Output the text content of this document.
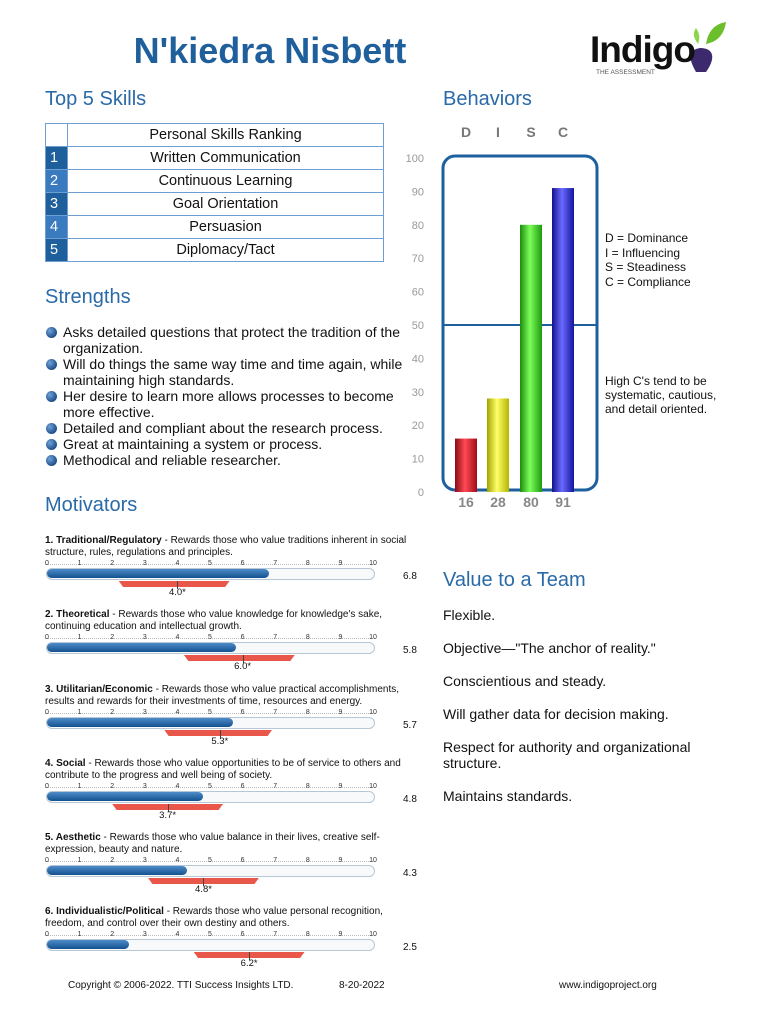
N'kiedra Nisbett	Indigo
THE ASSESSMENT
Top 5 Skills
	Personal Skills Ranking
1	Written Communication
2	Continuous Learning
3	Goal Orientation
4	Persuasion
5	Diplomacy/Tact
Strengths
Asks detailed questions that protect the tradition of the organization.
Will do things the same way time and time again, while maintaining high standards.
Her desire to learn more allows processes to become more effective.
Detailed and compliant about the research process.
Great at maintaining a system or process.
Methodical and reliable researcher.
Motivators
1. Traditional/Regulatory - Rewards those who value traditions inherent in social structure, rules, regulations and principles.
0	1	2	3	4	5	6	7	8	9	10
4.0*
6.8
2. Theoretical - Rewards those who value knowledge for knowledge's sake, continuing education and intellectual growth.
0	1	2	3	4	5	6	7	8	9	10
6.0*
5.8
3. Utilitarian/Economic - Rewards those who value practical accomplishments, results and rewards for their investments of time, resources and energy.
0	1	2	3	4	5	6	7	8	9	10
5.3*
5.7
4. Social - Rewards those who value opportunities to be of service to others and contribute to the progress and well being of society.
0	1	2	3	4	5	6	7	8	9	10
3.7*
4.8
5. Aesthetic - Rewards those who value balance in their lives, creative self-expression, beauty and nature.
0	1	2	3	4	5	6	7	8	9	10
4.8*
4.3
6. Individualistic/Political - Rewards those who value personal recognition, freedom, and control over their own destiny and others.
0	1	2	3	4	5	6	7	8	9	10
6.2*
2.5
Behaviors
0
10
20
30
40
50
60
70
80
90
100
D I S C
16 28 80 91
D = Dominance
I = Influencing
S = Steadiness
C = Compliance
High C's tend to be systematic, cautious, and detail oriented.
Value to a Team
Flexible.
Objective—"The anchor of reality."
Conscientious and steady.
Will gather data for decision making.
Respect for authority and organizational structure.
Maintains standards.
Copyright © 2006-2022. TTI Success Insights LTD.	8-20-2022	www.indigoproject.org
